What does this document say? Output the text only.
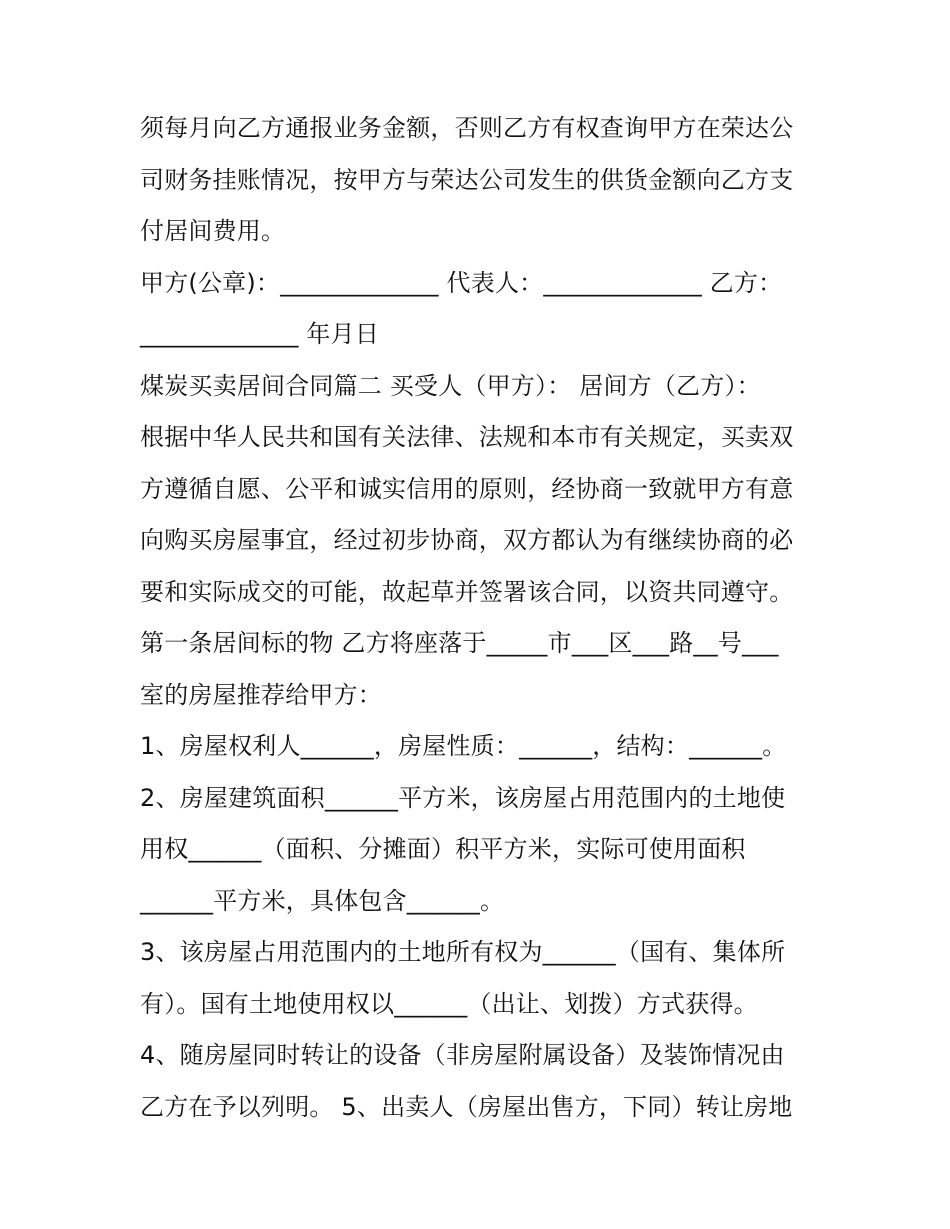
须每月向乙方通报业务金额，否则乙方有权查询甲方在荣达公
司财务挂账情况，按甲方与荣达公司发生的供货金额向乙方支
付居间费用。
甲方(公章)：_____________ 代表人：_____________ 乙方：
_____________ 年月日
煤炭买卖居间合同篇二 买受人（甲方）： 居间方（乙方）：
根据中华人民共和国有关法律、法规和本市有关规定，买卖双
方遵循自愿、公平和诚实信用的原则，经协商一致就甲方有意
向购买房屋事宜，经过初步协商，双方都认为有继续协商的必
要和实际成交的可能，故起草并签署该合同，以资共同遵守。
第一条居间标的物 乙方将座落于_____市___区___路__号___
室的房屋推荐给甲方：
1、房屋权利人______，房屋性质：______，结构：______。
2、房屋建筑面积______平方米，该房屋占用范围内的土地使
用权______（面积、分摊面）积平方米，实际可使用面积
______平方米，具体包含______。
3、该房屋占用范围内的土地所有权为______（国有、集体所
有）。国有土地使用权以______（出让、划拨）方式获得。
4、随房屋同时转让的设备（非房屋附属设备）及装饰情况由
乙方在予以列明。 5、出卖人（房屋出售方，下同）转让房地
